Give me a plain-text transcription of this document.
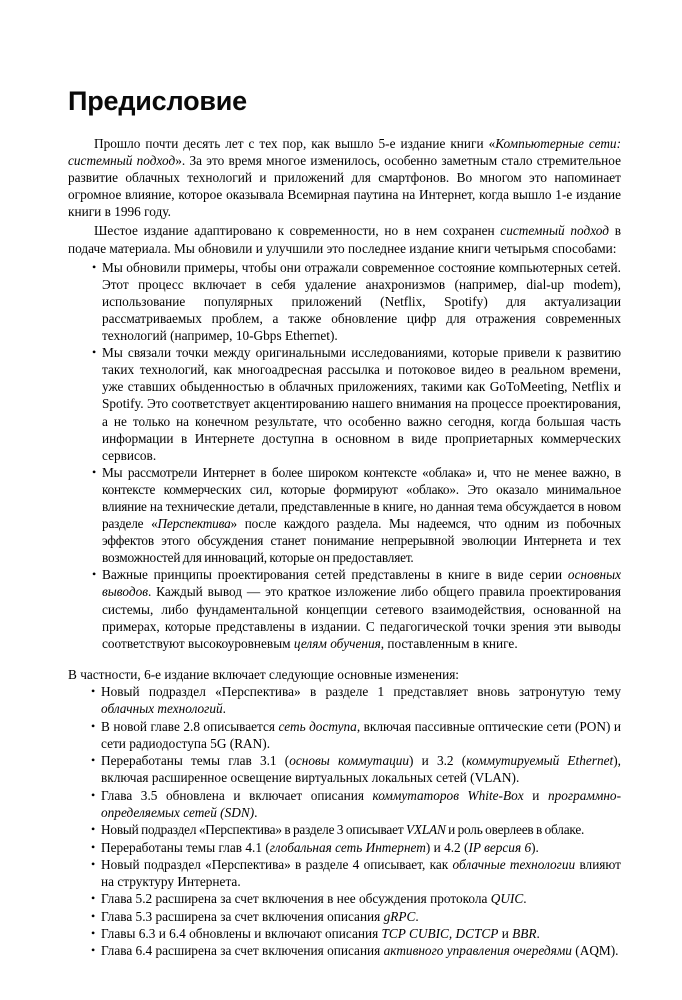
Предисловие

Прошло почти десять лет с тех пор, как вышло 5-е издание книги «Компьютерные сети: системный подход». За это время многое изменилось, особенно заметным стало стремительное развитие облачных технологий и приложений для смартфонов. Во многом это напоминает огромное влияние, которое оказывала Всемирная паутина на Интернет, когда вышло 1-е издание книги в 1996 году.

Шестое издание адаптировано к современности, но в нем сохранен системный подход в подаче материала. Мы обновили и улучшили это последнее издание книги четырьмя способами:

• Мы обновили примеры, чтобы они отражали современное состояние компьютерных сетей. Этот процесс включает в себя удаление анахронизмов (например, dial-up modem), использование популярных приложений (Netflix, Spotify) для актуализации рассматриваемых проблем, а также обновление цифр для отражения современных технологий (например, 10-Gbps Ethernet).
• Мы связали точки между оригинальными исследованиями, которые привели к развитию таких технологий, как многоадресная рассылка и потоковое видео в реальном времени, уже ставших обыденностью в облачных приложениях, такими как GoToMeeting, Netflix и Spotify. Это соответствует акцентированию нашего внимания на процессе проектирования, а не только на конечном результате, что особенно важно сегодня, когда большая часть информации в Интернете доступна в основном в виде проприетарных коммерческих сервисов.
• Мы рассмотрели Интернет в более широком контексте «облака» и, что не менее важно, в контексте коммерческих сил, которые формируют «облако». Это оказало минимальное влияние на технические детали, представленные в книге, но данная тема обсуждается в новом разделе «Перспектива» после каждого раздела. Мы надеемся, что одним из побочных эффектов этого обсуждения станет понимание непрерывной эволюции Интернета и тех возможностей для инноваций, которые он предоставляет.
• Важные принципы проектирования сетей представлены в книге в виде серии основных выводов. Каждый вывод — это краткое изложение либо общего правила проектирования системы, либо фундаментальной концепции сетевого взаимодействия, основанной на примерах, которые представлены в издании. С педагогической точки зрения эти выводы соответствуют высокоуровневым целям обучения, поставленным в книге.

В частности, 6-е издание включает следующие основные изменения:

• Новый подраздел «Перспектива» в разделе 1 представляет вновь затронутую тему облачных технологий.
• В новой главе 2.8 описывается сеть доступа, включая пассивные оптические сети (PON) и сети радиодоступа 5G (RAN).
• Переработаны темы глав 3.1 (основы коммутации) и 3.2 (коммутируемый Ethernet), включая расширенное освещение виртуальных локальных сетей (VLAN).
• Глава 3.5 обновлена и включает описания коммутаторов White-Box и программно-определяемых сетей (SDN).
• Новый подраздел «Перспектива» в разделе 3 описывает VXLAN и роль оверлеев в облаке.
• Переработаны темы глав 4.1 (глобальная сеть Интернет) и 4.2 (IP версия 6).
• Новый подраздел «Перспектива» в разделе 4 описывает, как облачные технологии влияют на структуру Интернета.
• Глава 5.2 расширена за счет включения в нее обсуждения протокола QUIC.
• Глава 5.3 расширена за счет включения описания gRPC.
• Главы 6.3 и 6.4 обновлены и включают описания TCP CUBIC, DCTCP и BBR.
• Глава 6.4 расширена за счет включения описания активного управления очередями (AQM).
